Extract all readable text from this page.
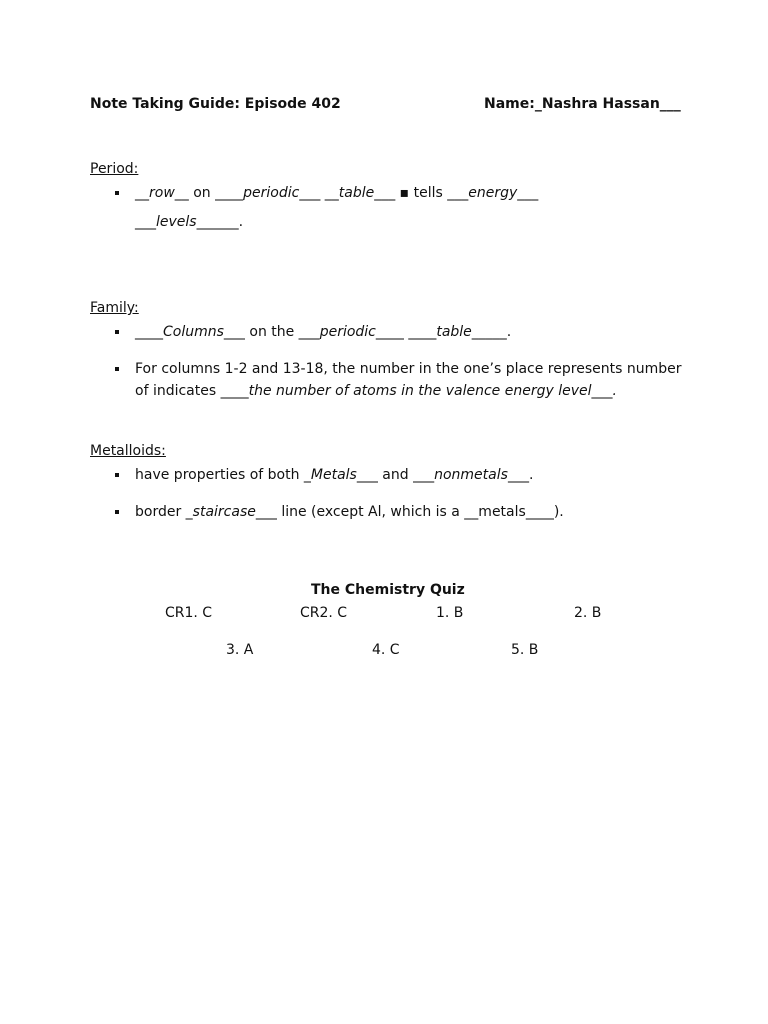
Note Taking Guide: Episode 402	Name:_Nashra Hassan___
Period:
__row__ on ____periodic___ __table___ ▪ tells ___energy___
___levels______.
Family:
____Columns___ on the ___periodic____ ____table_____.
For columns 1-2 and 13-18, the number in the one’s place represents number
of indicates ____the number of atoms in the valence energy level___.
Metalloids:
have properties of both _Metals___ and ___nonmetals___.
border _staircase___ line (except Al, which is a __metals____).
The Chemistry Quiz
CR1. C	CR2. C	1. B	2. B
3. A	4. C	5. B
